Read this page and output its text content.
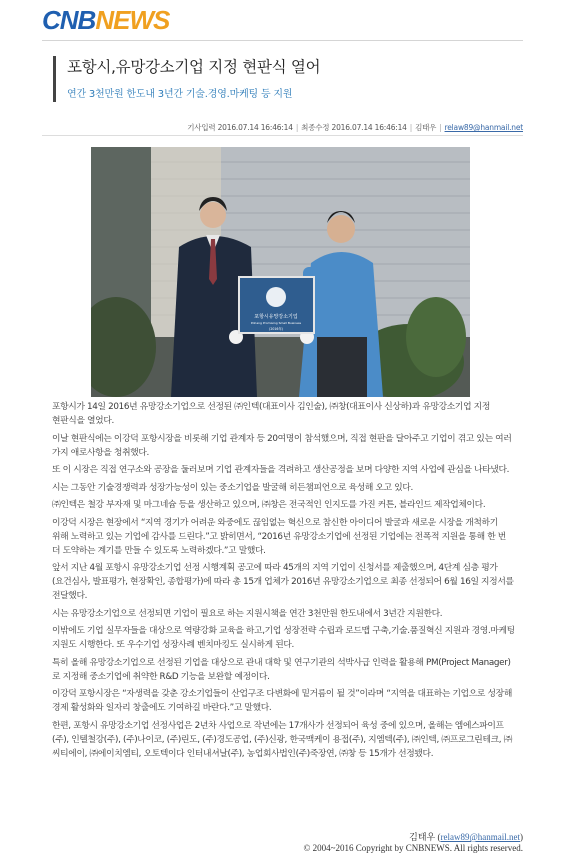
CNBNEWS
포항시,유망강소기업 지정 현판식 열어
연간 3천만원 한도내 3년간 기술.경영.마케팅 등 지원
기사입력 2016.07.14 16:46:14 | 최종수정 2016.07.14 16:46:14 | 김태우 | relaw89@hanmail.net
포항시유망강소기업
Pohang Promising Small Business
(2016年)

포항시가 14일 2016년 유망강소기업으로 선정된 ㈜인텍(대표이사 김인술), ㈜창(대표이사 신상하)과 유망강소기업 지정 현판식을 열었다.

이날 현판식에는 이강덕 포항시장을 비롯해 기업 관계자 등 20여명이 참석했으며, 직접 현판을 달아주고 기업이 겪고 있는 여러 가지 애로사항을 청취했다.

또 이 시장은 직접 연구소와 공장을 둘러보며 기업 관계자들을 격려하고 생산공정을 보며 다양한 지역 사업에 관심을 나타냈다.

시는 그동안 기술경쟁력과 성장가능성이 있는 중소기업을 발굴해 히든챔피언으로 육성해 오고 있다.

㈜인텍은 철강 부자재 및 마그네슘 등을 생산하고 있으며, ㈜창은 전국적인 인지도를 가진 커튼, 블라인드 제작업체이다.

이강덕 시장은 현장에서 “지역 경기가 어려운 와중에도 끊임없는 혁신으로 참신한 아이디어 발굴과 새로운 시장을 개척하기 위해 노력하고 있는 기업에 감사를 드린다.”고 밝히면서, “2016년 유망강소기업에 선정된 기업에는 전폭적 지원을 통해 한 번 더 도약하는 계기를 만들 수 있도록 노력하겠다.”고 말했다.

앞서 지난 4월 포항시 유망강소기업 선정 시행계획 공고에 따라 45개의 지역 기업이 신청서를 제출했으며, 4단계 심층 평가(요건심사, 발표평가, 현장확인, 종합평가)에 따라 총 15개 업체가 2016년 유망강소기업으로 최종 선정되어 6월 16일 지정서를 전달했다.

시는 유망강소기업으로 선정되면 기업이 필요로 하는 지원시책을 연간 3천만원 한도내에서 3년간 지원한다.

이밖에도 기업 실무자들을 대상으로 역량강화 교육을 하고,기업 성장전략 수립과 로드맵 구축,기술.품질혁신 지원과 경영.마케팅 지원도 시행한다. 또 우수기업 성장사례 벤치마킹도 실시하게 된다.

특히 올해 유망강소기업으로 선정된 기업을 대상으로 관내 대학 및 연구기관의 석박사급 인력을 활용해 PM(Project Manager)로 지정해 중소기업에 취약한 R&D 기능을 보완할 예정이다.

이강덕 포항시장은 “자생력을 갖춘 강소기업들이 산업구조 다변화에 밑거름이 될 것”이라며 “지역을 대표하는 기업으로 성장해 경제 활성화와 일자리 창출에도 기여하길 바란다.”고 말했다.

한편, 포항시 유망강소기업 선정사업은 2년차 사업으로 작년에는 17개사가 선정되어 육성 중에 있으며, 올해는 엠에스파이프(주), 인텔철강(주), (주)나이코, (주)린도, (주)경도공업, (주)신광, 한국맥케이 용접(주), 지엠텍(주), ㈜인텍, ㈜프로그린테크, ㈜씨티에이, ㈜에이치엠티, 오토텍이다 인터내셔날(주), 농업회사법인(주)죽장연, ㈜창 등 15개가 선정됐다.

김태우 (relaw89@hanmail.net)
© 2004~2016 Copyright by CNBNEWS. All rights reserved.
